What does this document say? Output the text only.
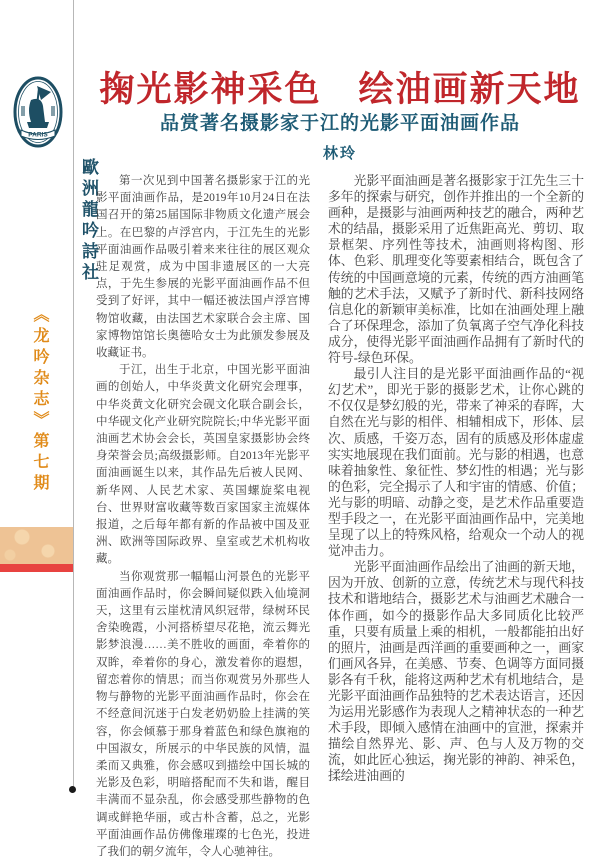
PARIS
歐洲龍吟詩社
《龙吟杂志》第七期
掬光影神采色　绘油画新天地
品赏著名摄影家于江的光影平面油画作品
林玲

第一次见到中国著名摄影家于江的光影平面油画作品，是2019年10月24日在法国召开的第25届国际非物质文化遗产展会上。在巴黎的卢浮宫内，于江先生的光影平面油画作品吸引着来来往往的展区观众驻足观赏，成为中国非遗展区的一大亮点，于先生参展的光影平面油画作品不但受到了好评，其中一幅还被法国卢浮宫博物馆收藏，由法国艺术家联合会主席、国家博物馆馆长奥德哈女士为此颁发参展及收藏证书。

于江，出生于北京，中国光影平面油画的创始人，中华炎黄文化研究会理事，中华炎黄文化研究会砚文化联合副会长，中华砚文化产业研究院院长;中华光影平面油画艺术协会会长，英国皇家摄影协会终身荣誉会员;高级摄影师。自2013年光影平面油画诞生以来，其作品先后被人民网、新华网、人民艺术家、英国螺旋桨电视台、世界财富收藏等数百家国家主流媒体报道，之后每年都有新的作品被中国及亚洲、欧洲等国际政界、皇室或艺术机构收藏。

当你观赏那一幅幅山河景色的光影平面油画作品时，你会瞬间疑似跌入仙境洞天，这里有云崖枕清风织冠带，绿树环民舍染晚霞，小河搭桥望尽花艳，流云舞光影梦浪漫……美不胜收的画面，牵着你的双眸，牵着你的身心，激发着你的遐想，留恋着你的情思；而当你观赏另外那些人物与静物的光影平面油画作品时，你会在不经意间沉迷于白发老奶奶脸上挂满的笑容，你会倾慕于那身着蓝色和绿色旗袍的中国淑女，所展示的中华民族的风情，温柔而又典雅，你会感叹到描绘中国长城的光影及色彩，明暗搭配而不失和谐，醒目丰满而不显杂乱，你会感受那些静物的色调或鲜艳华丽，或古朴含蓄，总之，光影平面油画作品仿佛像璀璨的七色光，投进了我们的朝夕流年，令人心驰神往。

光影平面油画是著名摄影家于江先生三十多年的探索与研究，创作并推出的一个全新的画种，是摄影与油画两种技艺的融合，两种艺术的结晶，摄影采用了近焦距高光、剪切、取景框架、序列性等技术，油画则将构图、形体、色彩、肌理变化等要素相结合，既包含了传统的中国画意境的元素，传统的西方油画笔触的艺术手法，又赋予了新时代、新科技网络信息化的新颖审美标准，比如在油画处理上融合了环保理念，添加了负氧离子空气净化科技成分，使得光影平面油画作品拥有了新时代的符号-绿色环保。

最引人注目的是光影平面油画作品的“视幻艺术”，即光于影的摄影艺术，让你心跳的不仅仅是梦幻般的光，带来了神采的春晖，大自然在光与影的相伴、相辅相成下，形体、层次、质感，千姿万态，固有的质感及形体虚虚实实地展现在我们面前。光与影的相遇，也意味着抽象性、象征性、梦幻性的相遇；光与影的色彩，完全揭示了人和宇宙的情感、价值；光与影的明暗、动静之变，是艺术作品重要造型手段之一，在光影平面油画作品中，完美地呈现了以上的特殊风格，给观众一个动人的视觉冲击力。

光影平面油画作品绘出了油画的新天地，因为开放、创新的立意，传统艺术与现代科技技术和谐地结合，摄影艺术与油画艺术融合一体作画，如今的摄影作品大多同质化比较严重，只要有质量上乘的相机，一般都能拍出好的照片，油画是西洋画的重要画种之一，画家们画风各异，在美感、节奏、色调等方面同摄影各有千秋，能将这两种艺术有机地结合，是光影平面油画作品独特的艺术表达语言，还因为运用光影感作为表现人之精神状态的一种艺术手段，即倾入感情在油画中的宣泄，探索并描绘自然界光、影、声、色与人及万物的交流，如此匠心独运，掬光影的神韵、神采色，揉绘进油画的
